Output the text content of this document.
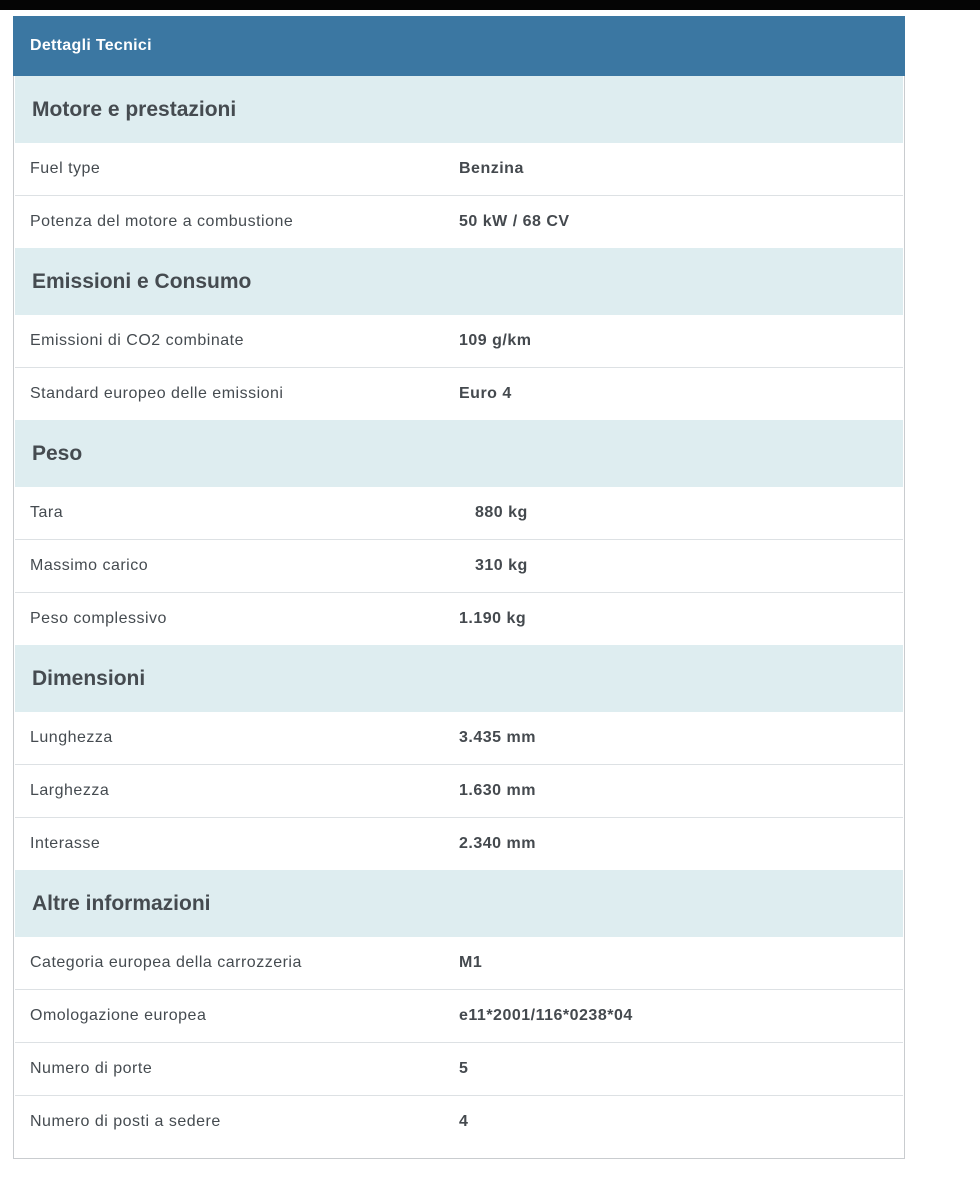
Dettagli Tecnici
Motore e prestazioni
Fuel type	Benzina
Potenza del motore a combustione	50 kW / 68 CV
Emissioni e Consumo
Emissioni di CO2 combinate	109 g/km
Standard europeo delle emissioni	Euro 4
Peso
Tara	880 kg
Massimo carico	310 kg
Peso complessivo	1.190 kg
Dimensioni
Lunghezza	3.435 mm
Larghezza	1.630 mm
Interasse	2.340 mm
Altre informazioni
Categoria europea della carrozzeria	M1
Omologazione europea	e11*2001/116*0238*04
Numero di porte	5
Numero di posti a sedere	4
